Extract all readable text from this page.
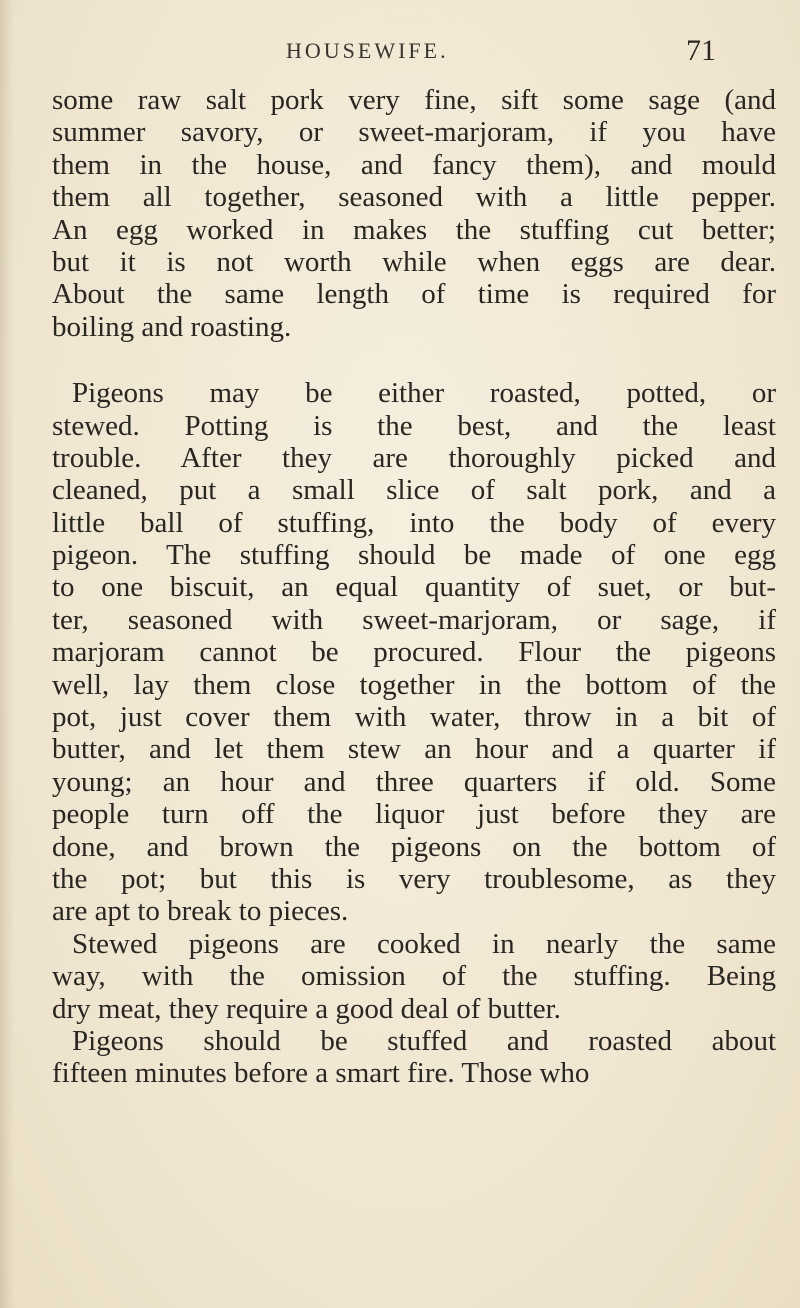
HOUSEWIFE.	71
some raw salt pork very fine, sift some sage (and
summer savory, or sweet-marjoram, if you have
them in the house, and fancy them), and mould
them all together, seasoned with a little pepper.
An egg worked in makes the stuffing cut better;
but it is not worth while when eggs are dear.
About the same length of time is required for
boiling and roasting.
Pigeons may be either roasted, potted, or
stewed. Potting is the best, and the least
trouble. After they are thoroughly picked and
cleaned, put a small slice of salt pork, and a
little ball of stuffing, into the body of every
pigeon. The stuffing should be made of one egg
to one biscuit, an equal quantity of suet, or but-
ter, seasoned with sweet-marjoram, or sage, if
marjoram cannot be procured. Flour the pigeons
well, lay them close together in the bottom of the
pot, just cover them with water, throw in a bit of
butter, and let them stew an hour and a quarter if
young; an hour and three quarters if old. Some
people turn off the liquor just before they are
done, and brown the pigeons on the bottom of
the pot; but this is very troublesome, as they
are apt to break to pieces.
Stewed pigeons are cooked in nearly the same
way, with the omission of the stuffing. Being
dry meat, they require a good deal of butter.
Pigeons should be stuffed and roasted about
fifteen minutes before a smart fire. Those who
